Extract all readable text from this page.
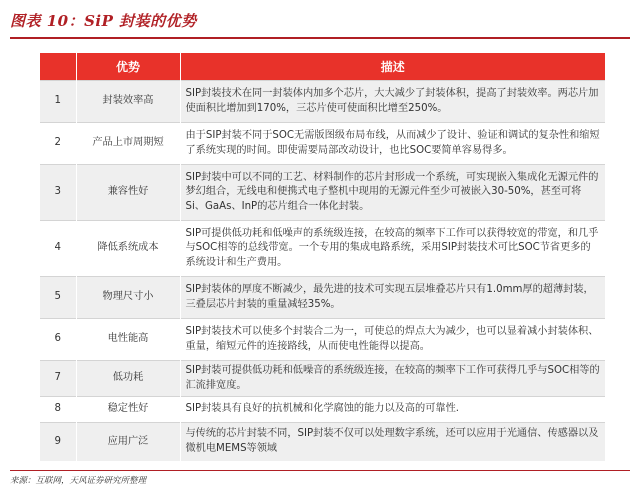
图表 10：SiP 封装的优势
	优势	描述
1	封装效率高	SIP封装技术在同一封装体内加多个芯片，大大减少了封装体积，提高了封装效率。两芯片加使面积比增加到170%，三芯片使可使面积比增至250%。
2	产品上市周期短	由于SIP封装不同于SOC无需版图级布局布线，从而减少了设计、验证和调试的复杂性和缩短了系统实现的时间。即使需要局部改动设计，也比SOC要简单容易得多。
3	兼容性好	SIP封装中可以不同的工艺、材料制作的芯片封形成一个系统，可实现嵌入集成化无源元件的梦幻组合，无线电和便携式电子整机中现用的无源元件至少可被嵌入30-50%，甚至可将Si、GaAs、InP的芯片组合一体化封装。
4	降低系统成本	SIP可提供低功耗和低噪声的系统级连接，在较高的频率下工作可以获得较宽的带宽，和几乎与SOC相等的总线带宽。一个专用的集成电路系统，采用SIP封装技术可比SOC节省更多的系统设计和生产费用。
5	物理尺寸小	SIP封装体的厚度不断减少，最先进的技术可实现五层堆叠芯片只有1.0mm厚的超薄封装，三叠层芯片封装的重量减轻35%。
6	电性能高	SIP封装技术可以使多个封装合二为一，可使总的焊点大为减少，也可以显着减小封装体积、重量，缩短元件的连接路线，从而使电性能得以提高。
7	低功耗	SIP封装可提供低功耗和低噪音的系统级连接，在较高的频率下工作可获得几乎与SOC相等的汇流排宽度。
8	稳定性好	SIP封装具有良好的抗机械和化学腐蚀的能力以及高的可靠性.
9	应用广泛	与传统的芯片封装不同，SIP封装不仅可以处理数字系统，还可以应用于光通信、传感器以及微机电MEMS等领域
来源：互联网，天风证券研究所整理
